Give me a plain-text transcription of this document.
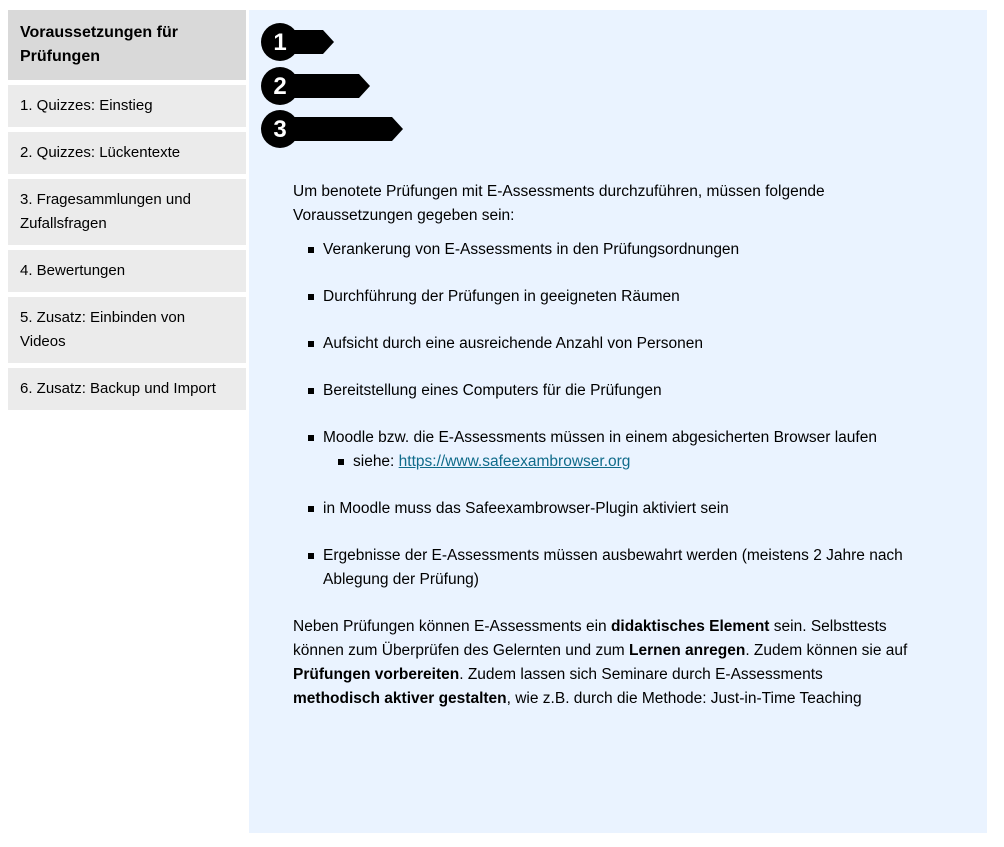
Voraussetzungen für Prüfungen
1. Quizzes: Einstieg
2. Quizzes: Lückentexte
3. Fragesammlungen und Zufallsfragen
4. Bewertungen
5. Zusatz: Einbinden von Videos
6. Zusatz: Backup und Import
1
2
3

Um benotete Prüfungen mit E-Assessments durchzuführen, müssen folgende Voraussetzungen gegeben sein:

Verankerung von E-Assessments in den Prüfungsordnungen
Durchführung der Prüfungen in geeigneten Räumen
Aufsicht durch eine ausreichende Anzahl von Personen
Bereitstellung eines Computers für die Prüfungen
Moodle bzw. die E-Assessments müssen in einem abgesicherten Browser laufen
siehe: https://www.safeexambrowser.org
in Moodle muss das Safeexambrowser-Plugin aktiviert sein
Ergebnisse der E-Assessments müssen ausbewahrt werden (meistens 2 Jahre nach Ablegung der Prüfung)

Neben Prüfungen können E-Assessments ein didaktisches Element sein. Selbsttests können zum Überprüfen des Gelernten und zum Lernen anregen. Zudem können sie auf Prüfungen vorbereiten. Zudem lassen sich Seminare durch E-Assessments methodisch aktiver gestalten, wie z.B. durch die Methode: Just-in-Time Teaching
